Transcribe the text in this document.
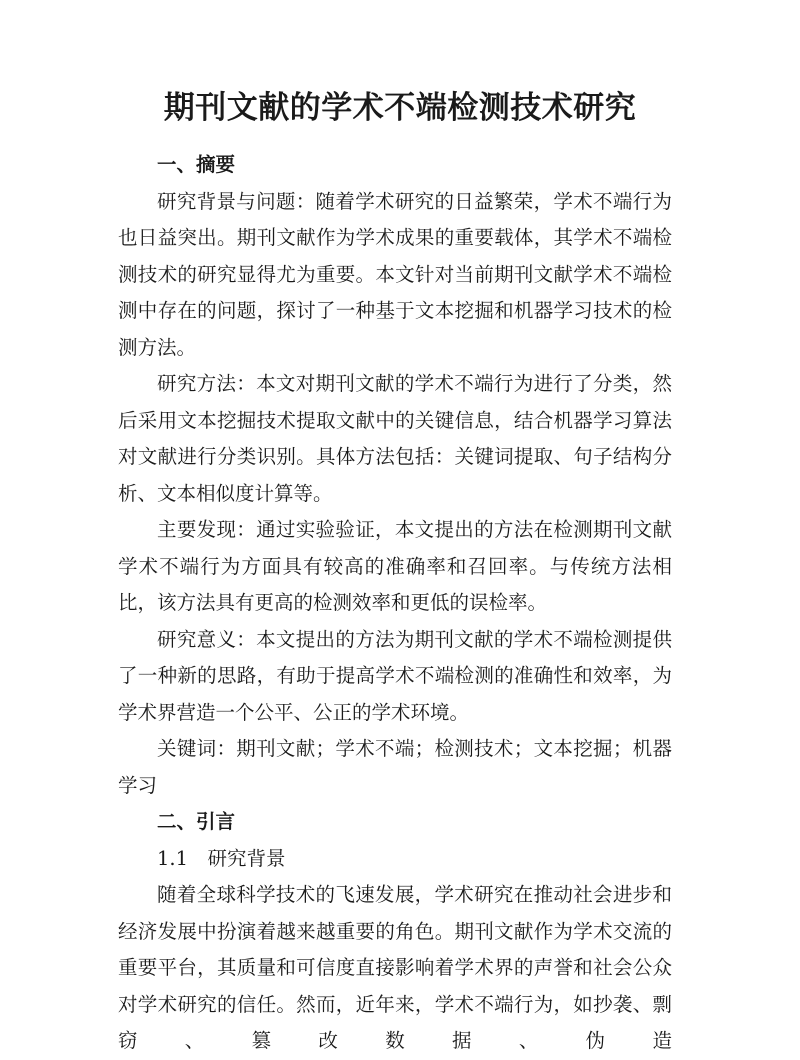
期刊文献的学术不端检测技术研究

一、摘要

研究背景与问题：随着学术研究的日益繁荣，学术不端行为也日益突出。期刊文献作为学术成果的重要载体，其学术不端检测技术的研究显得尤为重要。本文针对当前期刊文献学术不端检测中存在的问题，探讨了一种基于文本挖掘和机器学习技术的检测方法。

研究方法：本文对期刊文献的学术不端行为进行了分类，然后采用文本挖掘技术提取文献中的关键信息，结合机器学习算法对文献进行分类识别。具体方法包括：关键词提取、句子结构分析、文本相似度计算等。

主要发现：通过实验验证，本文提出的方法在检测期刊文献学术不端行为方面具有较高的准确率和召回率。与传统方法相比，该方法具有更高的检测效率和更低的误检率。

研究意义：本文提出的方法为期刊文献的学术不端检测提供了一种新的思路，有助于提高学术不端检测的准确性和效率，为学术界营造一个公平、公正的学术环境。

关键词：期刊文献；学术不端；检测技术；文本挖掘；机器学习

二、引言

1.1　研究背景

随着全球科学技术的飞速发展，学术研究在推动社会进步和经济发展中扮演着越来越重要的角色。期刊文献作为学术交流的重要平台，其质量和可信度直接影响着学术界的声誉和社会公众对学术研究的信任。然而，近年来，学术不端行为，如抄袭、剽窃、篡改数据、伪造
